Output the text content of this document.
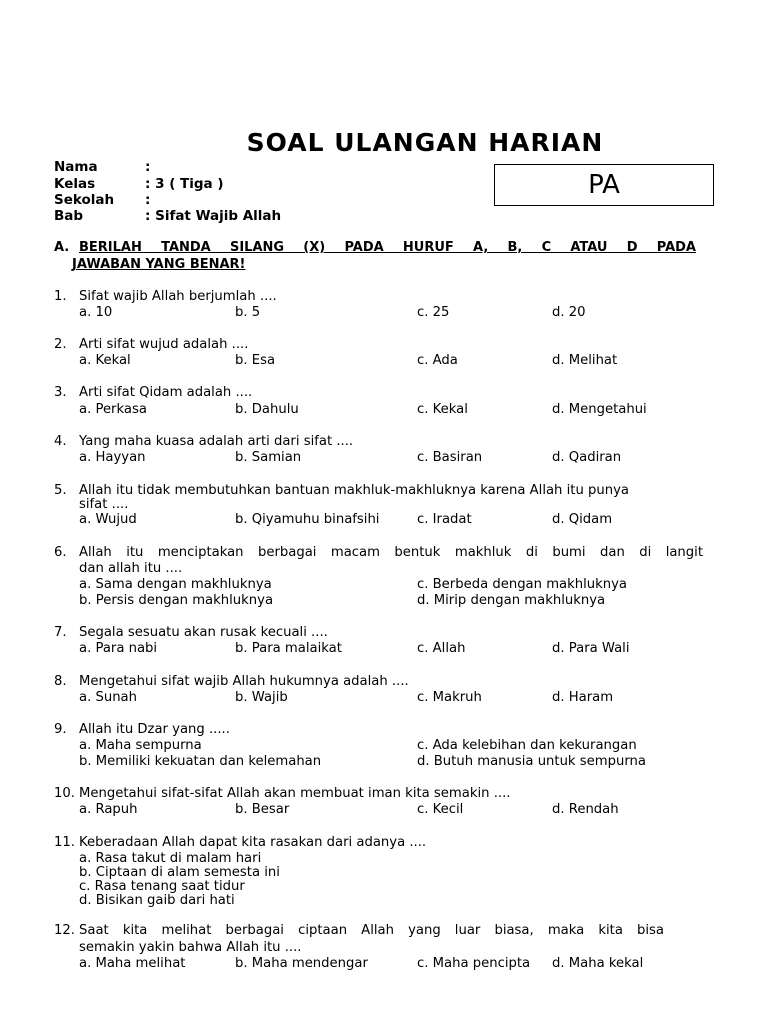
SOAL ULANGAN HARIAN
Nama	:
Kelas	: 3 ( Tiga )
Sekolah :
Bab	: Sifat Wajib Allah
PA
A. BERILAH TANDA SILANG (X) PADA HURUF A, B, C ATAU D PADA
JAWABAN YANG BENAR!
1. Sifat wajib Allah berjumlah ....
a. 10	b. 5	c. 25	d. 20
2. Arti sifat wujud adalah ....
a. Kekal	b. Esa	c. Ada	d. Melihat
3. Arti sifat Qidam adalah ....
a. Perkasa	b. Dahulu	c. Kekal	d. Mengetahui
4. Yang maha kuasa adalah arti dari sifat ....
a. Hayyan	b. Samian	c. Basiran	d. Qadiran
5. Allah itu tidak membutuhkan bantuan makhluk-makhluknya karena Allah itu punya
sifat ....
a. Wujud	b. Qiyamuhu binafsihi	c. Iradat	d. Qidam
6. Allah itu menciptakan berbagai macam bentuk makhluk di bumi dan di langit
dan allah itu ....
a. Sama dengan makhluknya	c. Berbeda dengan makhluknya
b. Persis dengan makhluknya	d. Mirip dengan makhluknya
7. Segala sesuatu akan rusak kecuali ....
a. Para nabi	b. Para malaikat	c. Allah	d. Para Wali
8. Mengetahui sifat wajib Allah hukumnya adalah ....
a. Sunah	b. Wajib	c. Makruh	d. Haram
9. Allah itu Dzar yang .....
a. Maha sempurna	c. Ada kelebihan dan kekurangan
b. Memiliki kekuatan dan kelemahan	d. Butuh manusia untuk sempurna
10. Mengetahui sifat-sifat Allah akan membuat iman kita semakin ....
a. Rapuh	b. Besar	c. Kecil	d. Rendah
11. Keberadaan Allah dapat kita rasakan dari adanya ....
a. Rasa takut di malam hari
b. Ciptaan di alam semesta ini
c. Rasa tenang saat tidur
d. Bisikan gaib dari hati
12. Saat kita melihat berbagai ciptaan Allah yang luar biasa, maka kita bisa
semakin yakin bahwa Allah itu ....
a. Maha melihat	b. Maha mendengar	c. Maha pencipta d. Maha kekal
